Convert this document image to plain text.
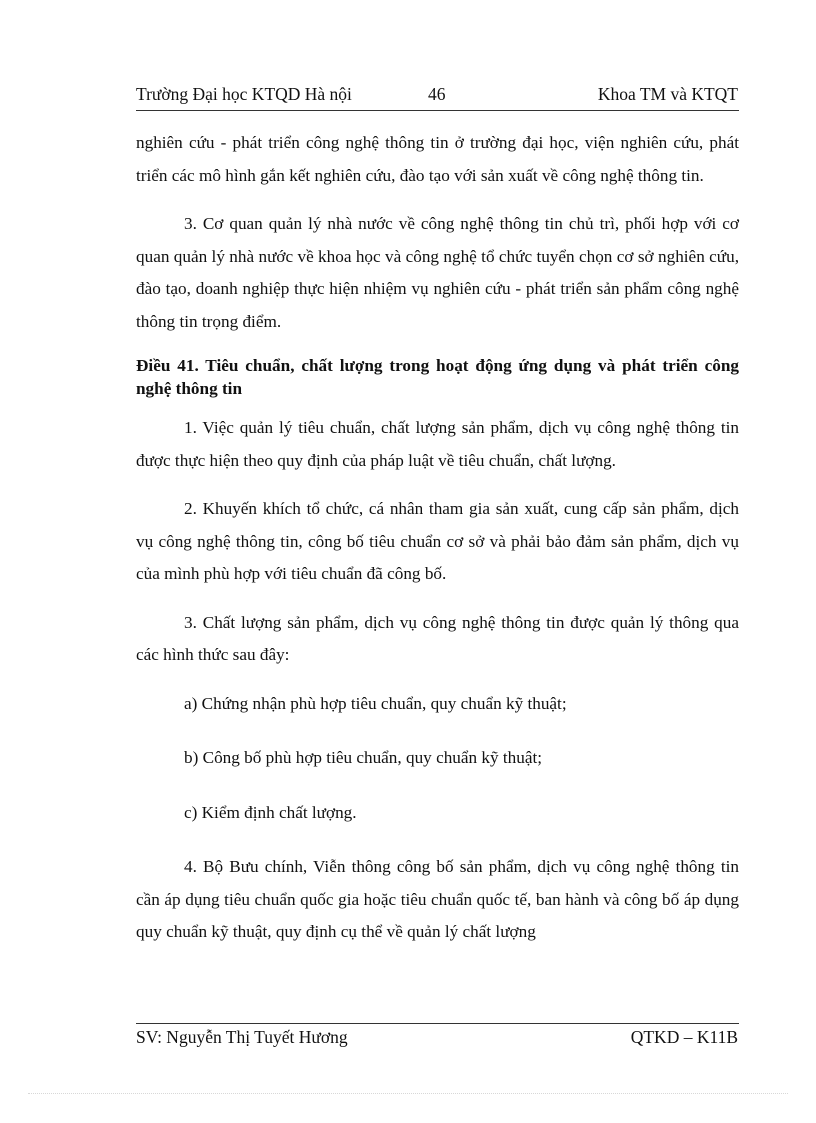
Trường Đại học KTQD Hà nội	46	Khoa TM và KTQT

nghiên cứu - phát triển công nghệ thông tin ở trường đại học, viện nghiên cứu, phát triển các mô hình gắn kết nghiên cứu, đào tạo với sản xuất về công nghệ thông tin.

3. Cơ quan quản lý nhà nước về công nghệ thông tin chủ trì, phối hợp với cơ quan quản lý nhà nước về khoa học và công nghệ tổ chức tuyển chọn cơ sở nghiên cứu, đào tạo, doanh nghiệp thực hiện nhiệm vụ nghiên cứu - phát triển sản phẩm công nghệ thông tin trọng điểm.

Điều 41. Tiêu chuẩn, chất lượng trong hoạt động ứng dụng và phát triển công nghệ thông tin

1. Việc quản lý tiêu chuẩn, chất lượng sản phẩm, dịch vụ công nghệ thông tin được thực hiện theo quy định của pháp luật về tiêu chuẩn, chất lượng.

2. Khuyến khích tổ chức, cá nhân tham gia sản xuất, cung cấp sản phẩm, dịch vụ công nghệ thông tin, công bố tiêu chuẩn cơ sở và phải bảo đảm sản phẩm, dịch vụ của mình phù hợp với tiêu chuẩn đã công bố.

3. Chất lượng sản phẩm, dịch vụ công nghệ thông tin được quản lý thông qua các hình thức sau đây:

a) Chứng nhận phù hợp tiêu chuẩn, quy chuẩn kỹ thuật;

b) Công bố phù hợp tiêu chuẩn, quy chuẩn kỹ thuật;

c) Kiểm định chất lượng.

4. Bộ Bưu chính, Viễn thông công bố sản phẩm, dịch vụ công nghệ thông tin cần áp dụng tiêu chuẩn quốc gia hoặc tiêu chuẩn quốc tế, ban hành và công bố áp dụng quy chuẩn kỹ thuật, quy định cụ thể về quản lý chất lượng

SV: Nguyễn Thị Tuyết Hương	QTKD – K11B
